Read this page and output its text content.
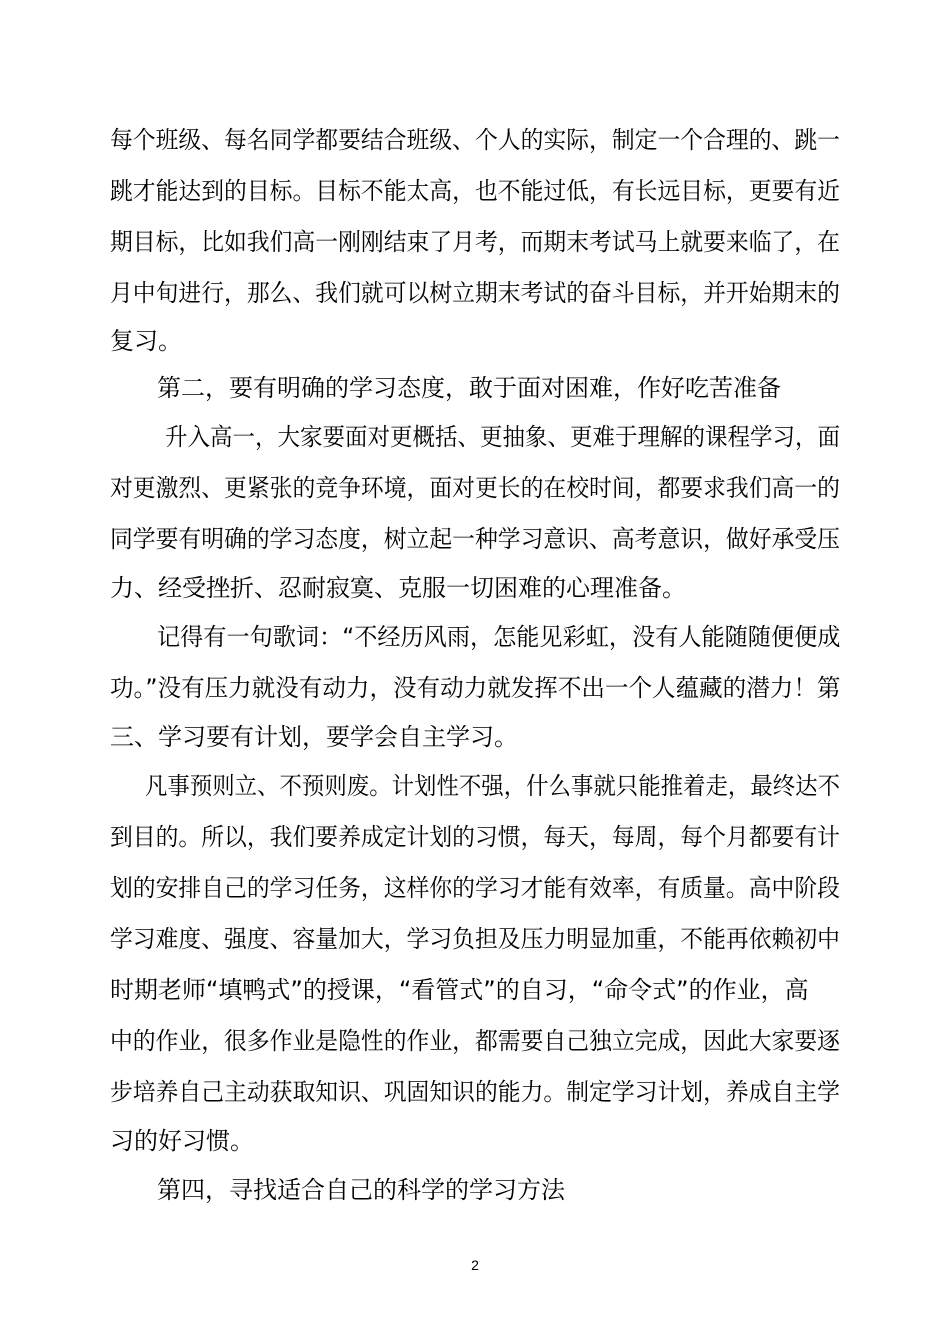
每个班级、每名同学都要结合班级、个人的实际，制定一个合理的、跳一
跳才能达到的目标。目标不能太高，也不能过低，有长远目标，更要有近
期目标，比如我们高一刚刚结束了月考，而期末考试马上就要来临了，在
月中旬进行，那么、我们就可以树立期末考试的奋斗目标，并开始期末的
复习。
第二，要有明确的学习态度，敢于面对困难，作好吃苦准备
升入高一，大家要面对更概括、更抽象、更难于理解的课程学习，面
对更激烈、更紧张的竞争环境，面对更长的在校时间，都要求我们高一的
同学要有明确的学习态度，树立起一种学习意识、高考意识，做好承受压
力、经受挫折、忍耐寂寞、克服一切困难的心理准备。
记得有一句歌词：“不经历风雨，怎能见彩虹，没有人能随随便便成
功。”没有压力就没有动力，没有动力就发挥不出一个人蕴藏的潜力！第
三、学习要有计划，要学会自主学习。
凡事预则立、不预则废。计划性不强，什么事就只能推着走，最终达不
到目的。所以，我们要养成定计划的习惯，每天，每周，每个月都要有计
划的安排自己的学习任务，这样你的学习才能有效率，有质量。高中阶段
学习难度、强度、容量加大，学习负担及压力明显加重，不能再依赖初中
时期老师“填鸭式”的授课，“看管式”的自习，“命令式”的作业，高
中的作业，很多作业是隐性的作业，都需要自己独立完成，因此大家要逐
步培养自己主动获取知识、巩固知识的能力。制定学习计划，养成自主学
习的好习惯。
第四，寻找适合自己的科学的学习方法
2
